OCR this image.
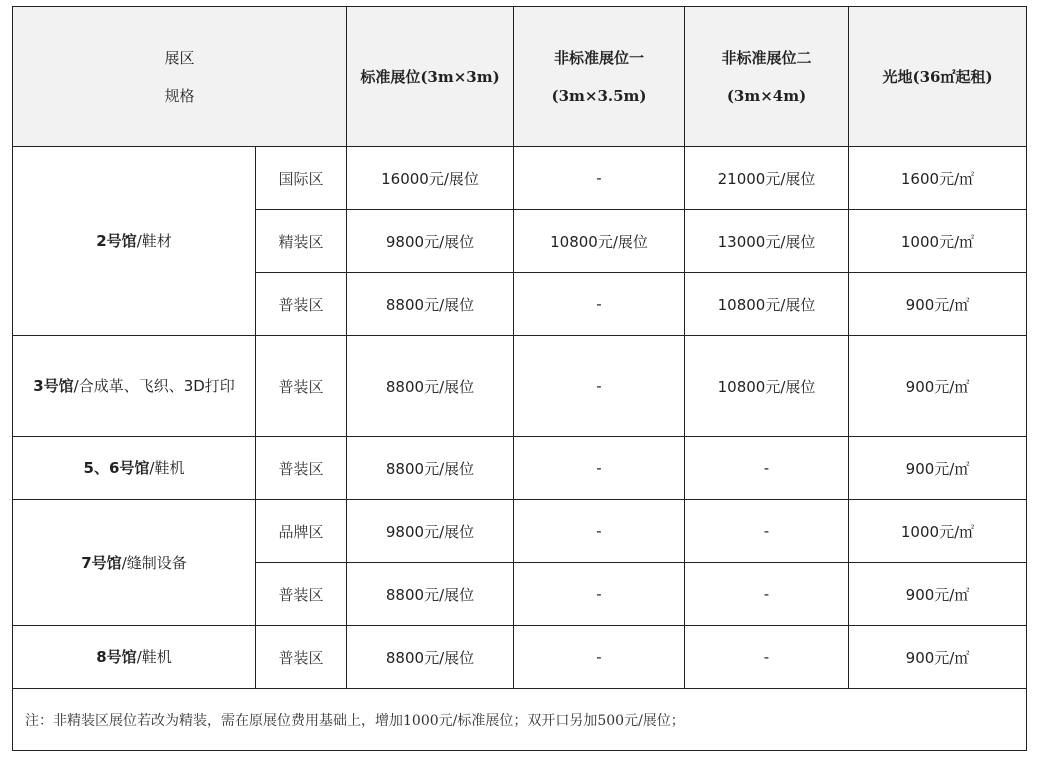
展区
规格		标准展位(3m×3m)	非标准展位一(3m×3.5m)	非标准展位二(3m×4m)	光地(36㎡起租)
2号馆/鞋材	国际区	16000元/展位	-	21000元/展位	1600元/㎡
	精装区	9800元/展位	10800元/展位	13000元/展位	1000元/㎡
	普装区	8800元/展位	-	10800元/展位	900元/㎡
3号馆/合成革、飞织、3D打印	普装区	8800元/展位	-	10800元/展位	900元/㎡
5、6号馆/鞋机	普装区	8800元/展位	-	-	900元/㎡
7号馆/缝制设备	品牌区	9800元/展位	-	-	1000元/㎡
	普装区	8800元/展位	-	-	900元/㎡
8号馆/鞋机	普装区	8800元/展位	-	-	900元/㎡
注：非精装区展位若改为精装，需在原展位费用基础上，增加1000元/标准展位；双开口另加500元/展位；					
